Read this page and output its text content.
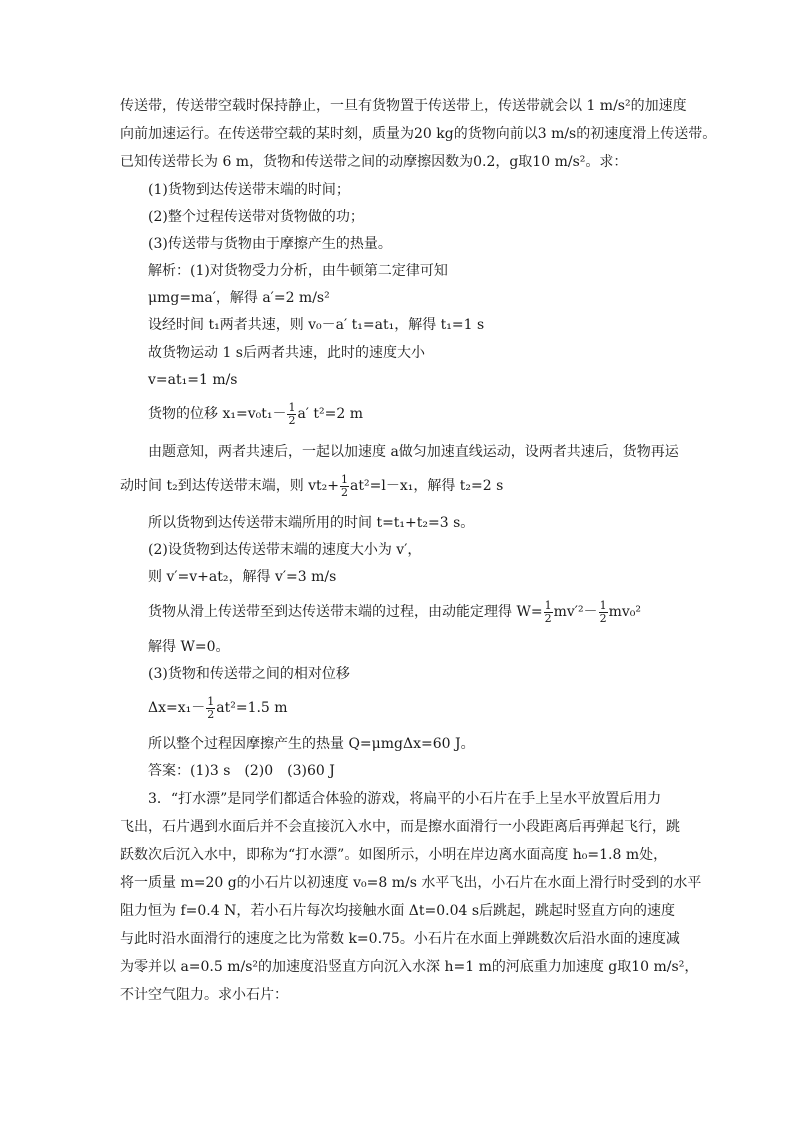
传送带，传送带空载时保持静止，一旦有货物置于传送带上，传送带就会以 1 m/s²的加速度
向前加速运行。在传送带空载的某时刻，质量为20 kg的货物向前以3 m/s的初速度滑上传送带。
已知传送带长为 6 m，货物和传送带之间的动摩擦因数为0.2，g取10 m/s²。求：
(1)货物到达传送带末端的时间；
(2)整个过程传送带对货物做的功；
(3)传送带与货物由于摩擦产生的热量。
解析：(1)对货物受力分析，由牛顿第二定律可知
μmg=ma′，解得 a′=2 m/s²
设经时间 t₁两者共速，则 v₀－a′ t₁=at₁，解得 t₁=1 s
故货物运动 1 s后两者共速，此时的速度大小
v=at₁=1 m/s
货物的位移 $x_1=v_0t_1- \frac{1}{2} a'$ t²=2 m
由题意知，两者共速后，一起以加速度 a做匀加速直线运动，设两者共速后，货物再运
动时间 t₂到达传送带末端，则 $vt_2+ \frac{1}{2} at^2=l-x_1$，解得 t₂=2 s
所以货物到达传送带末端所用的时间 t=t₁+t₂=3 s。
(2)设货物到达传送带末端的速度大小为 v′，
则 v′=v+at₂，解得 v′=3 m/s
货物从滑上传送带至到达传送带末端的过程，由动能定理得 $W= \frac{1}{2} mv'^2- \frac{1}{2} mv_0^2$
解得 W=0。
(3)货物和传送带之间的相对位移
$\Delta x=x_1- \frac{1}{2} at^2=1.5$ m
所以整个过程因摩擦产生的热量 Q=μmgΔx=60 J。
答案：(1)3 s　(2)0　(3)60 J
3．“打水漂”是同学们都适合体验的游戏，将扁平的小石片在手上呈水平放置后用力
飞出，石片遇到水面后并不会直接沉入水中，而是擦水面滑行一小段距离后再弹起飞行，跳
跃数次后沉入水中，即称为“打水漂”。如图所示，小明在岸边离水面高度 h₀=1.8 m处，
将一质量 m=20 g的小石片以初速度 v₀=8 m/s 水平飞出，小石片在水面上滑行时受到的水平
阻力恒为 f=0.4 N，若小石片每次均接触水面 Δt=0.04 s后跳起，跳起时竖直方向的速度
与此时沿水面滑行的速度之比为常数 k=0.75。小石片在水面上弹跳数次后沿水面的速度减
为零并以 a=0.5 m/s²的加速度沿竖直方向沉入水深 h=1 m的河底重力加速度 g取10 m/s²，
不计空气阻力。求小石片：
